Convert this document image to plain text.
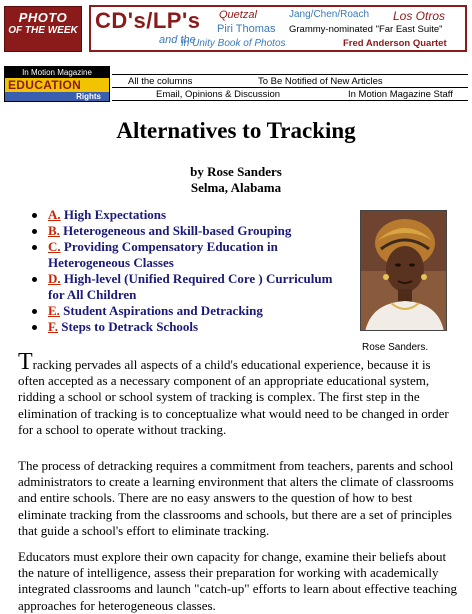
PHOTO
OF THE WEEK CD's/LP's
and the
Quetzal	Jang/Chen/Roach Los Otros
Piri Thomas Grammy-nominated "Far East Suite"
In Unity Book of Photos	Fred Anderson Quartet
In Motion Magazine
EDUCATION
Rights
All the columns	To Be Notified of New Articles
Email, Opinions & Discussion	In Motion Magazine Staff
Alternatives to Tracking
by Rose Sanders
Selma, Alabama
A. High Expectations
B. Heterogeneous and Skill-based Grouping
C. Providing Compensatory Education in Heterogeneous Classes
D. High-level (Unified Required Core ) Curriculum for All Children
E. Student Aspirations and Detracking
F. Steps to Detrack Schools
Rose Sanders.

Tracking pervades all aspects of a child's educational experience, because it is often accepted as a necessary component of an appropriate educational system, ridding a school or school system of tracking is complex. The first step in the elimination of tracking is to conceptualize what would need to be changed in order for a school to operate without tracking.

The process of detracking requires a commitment from teachers, parents and school administrators to create a learning environment that alters the climate of classrooms and entire schools. There are no easy answers to the question of how to best eliminate tracking from the classrooms and schools, but there are a set of principles that guide a school's effort to eliminate tracking.

Educators must explore their own capacity for change, examine their beliefs about the nature of intelligence, assess their preparation for working with academically integrated classrooms and launch "catch-up" efforts to learn about effective teaching approaches for heterogeneous classes.
